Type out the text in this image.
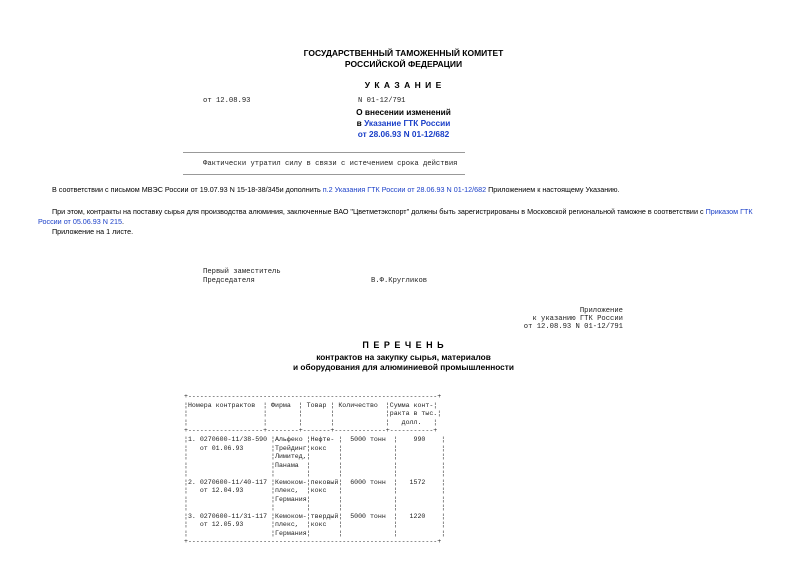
ГОСУДАРСТВЕННЫЙ ТАМОЖЕННЫЙ КОМИТЕТ
РОССИЙСКОЙ ФЕДЕРАЦИИ
У К А З А Н И Е
от 12.08.93	N 01-12/791
О внесении изменений
в Указание ГТК России
от 28.06.93 N 01-12/682
Фактически утратил силу в связи с истечением срока действия
В соответствии с письмом МВЭС России от 19.07.93 N 15-18-38/345и дополнить п.2 Указания ГТК России от 28.06.93 N 01-12/682 Приложением к настоящему Указанию.
При этом, контракты на поставку сырья для производства алюминия, заключенные ВАО "Цветметэкспорт" должны быть зарегистрированы в Московской региональной таможне в соответствии с Приказом ГТК
России от 05.06.93 N 215.
Приложение на 1 листе.
Первый заместитель
Председателя	В.Ф.Кругликов
Приложение
к указанию ГТК России
от 12.08.93 N 01-12/791
П Е Р Е Ч Е Н Ь
контрактов на закупку сырья, материалов
и оборудования для алюминиевой промышленности
+---------------------------------------------------------------+
¦Номера контрактов  ¦ Фирма  ¦ Товар ¦ Количество  ¦Сумма конт-¦
¦                   ¦        ¦       ¦             ¦ракта в тыс.¦
¦                   ¦        ¦       ¦             ¦   долл.   ¦
+-------------------+--------+-------+-------------+-----------+
¦1. 0270600-11/38-590 ¦Альфеко ¦Нефте- ¦  5000 тонн  ¦    990    ¦
¦   от 01.06.93       ¦Трейдинг¦кокс   ¦             ¦           ¦
¦                     ¦Лимитед,¦       ¦             ¦           ¦
¦                     ¦Панама  ¦       ¦             ¦           ¦
¦                     ¦        ¦       ¦             ¦           ¦
¦2. 0270600-11/40-117 ¦Кемоком-¦пековый¦  6000 тонн  ¦   1572    ¦
¦   от 12.04.93       ¦плекс,  ¦кокс   ¦             ¦           ¦
¦                     ¦Германия¦       ¦             ¦           ¦
¦                     ¦        ¦       ¦             ¦           ¦
¦3. 0270600-11/31-117 ¦Кемоком-¦твердый¦  5000 тонн  ¦   1220    ¦
¦   от 12.05.93       ¦плекс,  ¦кокс   ¦             ¦           ¦
¦                     ¦Германия¦       ¦             ¦           ¦
+---------------------------------------------------------------+
